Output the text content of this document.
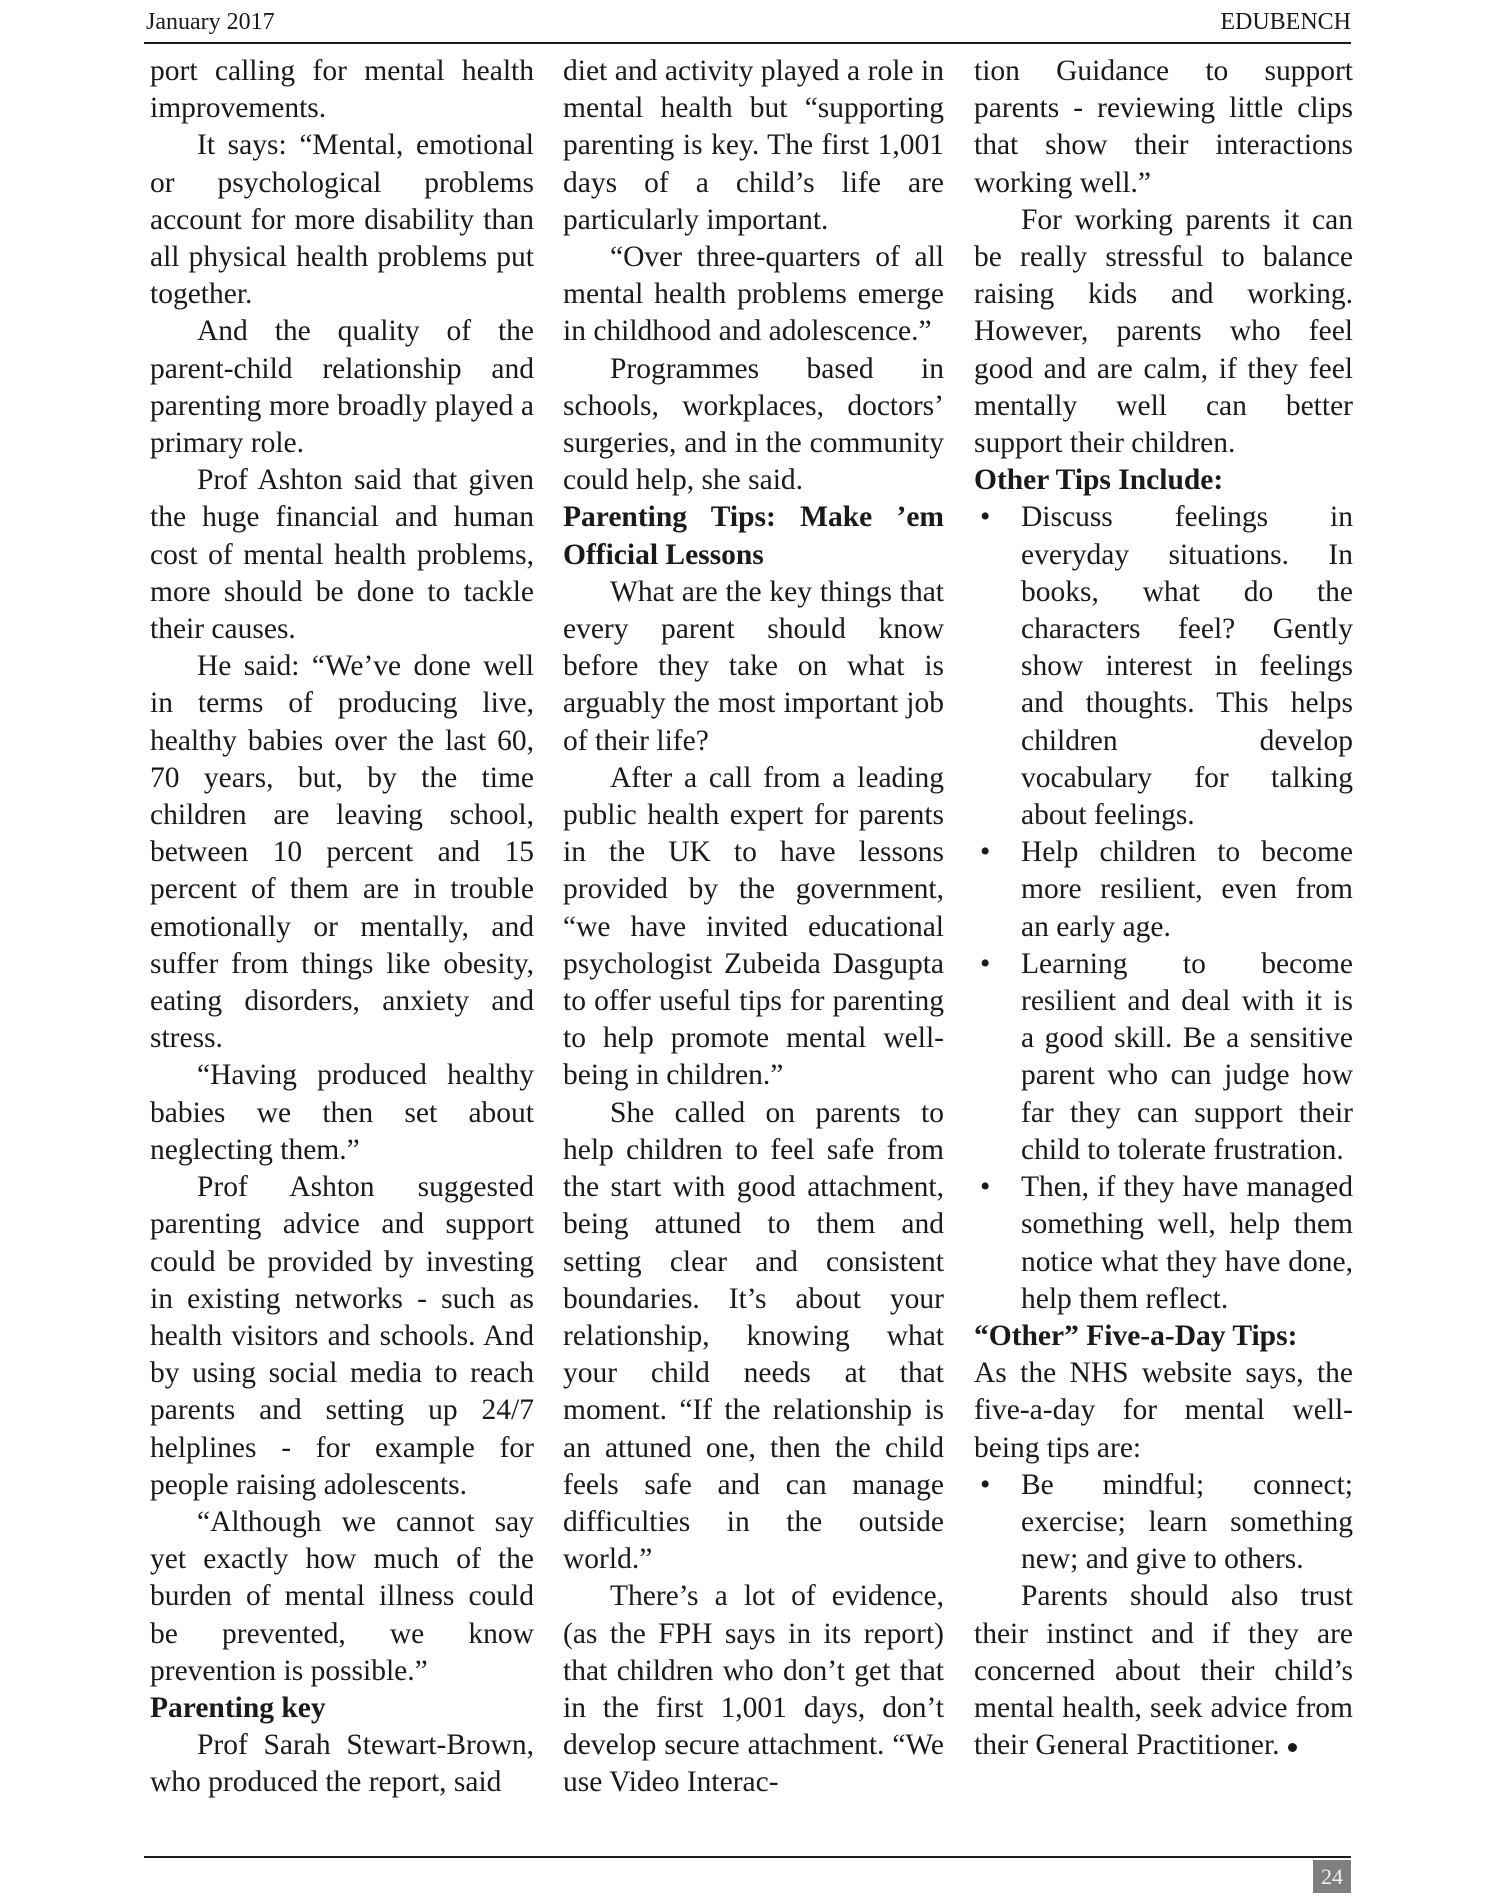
January 2017	EDUBENCH

port calling for mental health improvements.

It says: “Mental, emotional or psychological problems account for more disability than all physical health problems put together.

And the quality of the parent-child relationship and parenting more broadly played a primary role.

Prof Ashton said that given the huge financial and human cost of mental health problems, more should be done to tackle their causes.

He said: “We’ve done well in terms of producing live, healthy babies over the last 60, 70 years, but, by the time children are leaving school, between 10 percent and 15 percent of them are in trouble emotionally or mentally, and suffer from things like obesity, eating disorders, anxiety and stress.

“Having produced healthy babies we then set about neglecting them.”

Prof Ashton suggested parenting advice and support could be provided by investing in existing networks - such as health visitors and schools. And by using social media to reach parents and setting up 24/7 helplines - for example for people raising adolescents.

“Although we cannot say yet exactly how much of the burden of mental illness could be prevented, we know prevention is possible.”

Parenting key

Prof Sarah Stewart-Brown, who produced the report, said

diet and activity played a role in mental health but “supporting parenting is key. The first 1,001 days of a child’s life are particularly important.

“Over three-quarters of all mental health problems emerge in childhood and adolescence.”

Programmes based in schools, workplaces, doctors’ surgeries, and in the community could help, she said.

Parenting Tips: Make ’em Official Lessons

What are the key things that every parent should know before they take on what is arguably the most important job of their life?

After a call from a leading public health expert for parents in the UK to have lessons provided by the government, “we have invited educational psychologist Zubeida Dasgupta to offer useful tips for parenting to help promote mental well-being in children.”

She called on parents to help children to feel safe from the start with good attachment, being attuned to them and setting clear and consistent boundaries. It’s about your relationship, knowing what your child needs at that moment. “If the relationship is an attuned one, then the child feels safe and can manage difficulties in the outside world.”

There’s a lot of evidence, (as the FPH says in its report) that children who don’t get that in the first 1,001 days, don’t develop secure attachment. “We use Video Interac-

tion Guidance to support parents - reviewing little clips that show their interactions working well.”

For working parents it can be really stressful to balance raising kids and working. However, parents who feel good and are calm, if they feel mentally well can better support their children.

Other Tips Include:
• Discuss feelings in everyday situations. In books, what do the characters feel? Gently show interest in feelings and thoughts. This helps children develop vocabulary for talking about feelings.
• Help children to become more resilient, even from an early age.
• Learning to become resilient and deal with it is a good skill. Be a sensitive parent who can judge how far they can support their child to tolerate frustration.
• Then, if they have managed something well, help them notice what they have done, help them reflect.
“Other” Five-a-Day Tips:

As the NHS website says, the five-a-day for mental well-being tips are:

• Be mindful; connect; exercise; learn something new; and give to others.

Parents should also trust their instinct and if they are concerned about their child’s mental health, seek advice from their General Practitioner.

24
